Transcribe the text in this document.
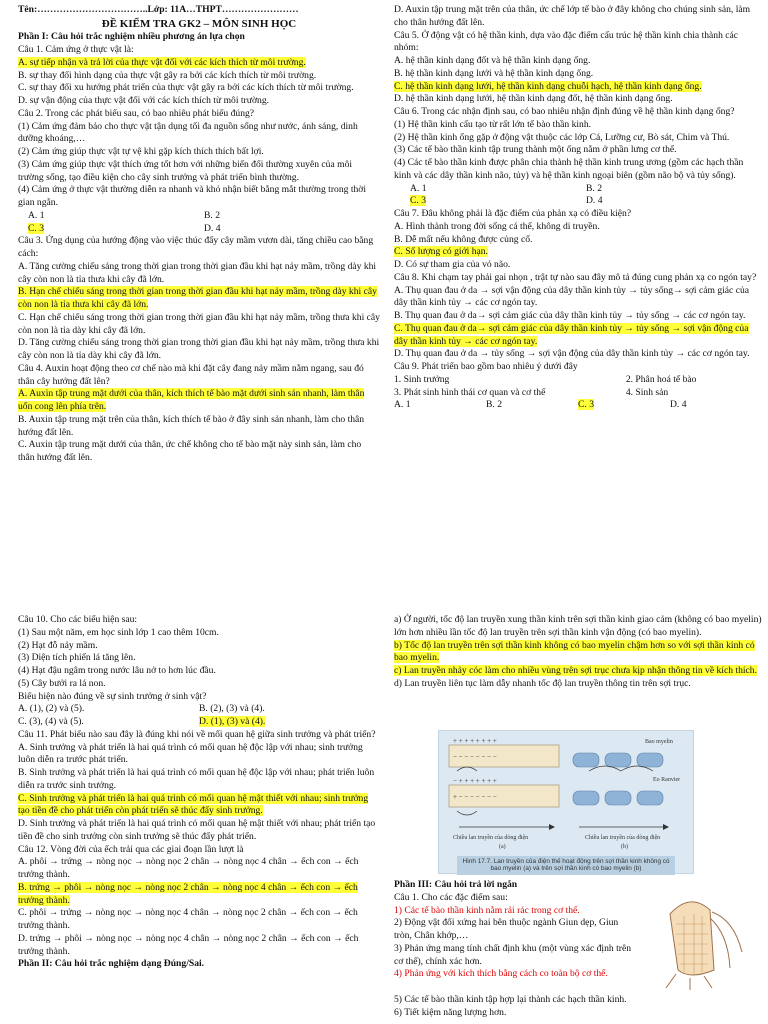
Tên:……………………………..Lớp: 11A…THPT……………………

ĐỀ KIỂM TRA GK2 – MÔN SINH HỌC

Phần I: Câu hỏi trắc nghiệm nhiều phương án lựa chọn

Câu 1. Cảm ứng ở thực vật là:

A. sự tiếp nhận và trả lời của thực vật đối với các kích thích từ môi trường.

B. sự thay đổi hình dạng của thực vật gây ra bởi các kích thích từ môi trường.

C. sự thay đổi xu hướng phát triển của thực vật gây ra bởi các kích thích từ môi trường.

D. sự vận động của thực vật đối với các kích thích từ môi trường.

Câu 2. Trong các phát biểu sau, có bao nhiêu phát biểu đúng?

(1) Cảm ứng đảm bảo cho thực vật tận dụng tối đa nguồn sống như nước, ánh sáng, dinh dưỡng khoáng,…

(2) Cảm ứng giúp thực vật tự vệ khi gặp kích thích thích bất lợi.

(3) Cảm ứng giúp thực vật thích ứng tốt hơn với những biến đổi thường xuyên của môi trường sống, tạo điều kiện cho cây sinh trưởng và phát triển bình thường.

(4) Cảm ứng ở thực vật thường diễn ra nhanh và khó nhận biết bằng mắt thường trong thời gian ngắn.

A. 1	B. 2
C. 3	D. 4

Câu 3. Ứng dụng của hướng động vào việc thúc đẩy cây mầm vươn dài, tăng chiều cao bằng cách:

A. Tăng cường chiếu sáng trong thời gian trong thời gian đầu khi hạt nảy mầm, trồng dày khi cây còn non là tỉa thưa khi cây đã lớn.

B. Hạn chế chiếu sáng trong thời gian trong thời gian đầu khi hạt nảy mầm, trồng dày khi cây còn non là tỉa thưa khi cây đã lớn.

C. Hạn chế chiếu sáng trong thời gian trong thời gian đầu khi hạt nảy mầm, trồng thưa khi cây còn non là tỉa dày khi cây đã lớn.

D. Tăng cường chiếu sáng trong thời gian trong thời gian đầu khi hạt nảy mầm, trồng thưa khi cây còn non là tỉa dày khi cây đã lớn.

Câu 4. Auxin hoạt động theo cơ chế nào mà khi đặt cây đang nảy mầm nằm ngang, sau đó thân cây hướng đất lên?

A. Auxin tập trung mặt dưới của thân, kích thích tế bào mặt dưới sinh sản nhanh, làm thân uốn cong lên phía trên.

B. Auxin tập trung mặt trên của thân, kích thích tế bào ở đây sinh sản nhanh, làm cho thân hướng đất lên.

C. Auxin tập trung mặt dưới của thân, ức chế không cho tế bào mặt này sinh sản, làm cho thân hướng đất lên.

D. Auxin tập trung mặt trên của thân, ức chế lớp tế bào ở đây không cho chúng sinh sản, làm cho thân hướng đất lên.

Câu 5. Ở động vật có hệ thần kinh, dựa vào đặc điểm cấu trúc hệ thần kinh chia thành các nhóm:

A. hệ thần kinh dạng đốt và hệ thần kinh dạng ống.

B. hệ thần kinh dạng lưới và hệ thần kinh dạng ống.

C. hệ thần kinh dạng lưới, hệ thần kinh dạng chuỗi hạch, hệ thần kinh dạng ống.

D. hệ thần kinh dạng lưới, hệ thần kinh dạng đốt, hệ thần kinh dạng ống.

Câu 6. Trong các nhận định sau, có bao nhiêu nhận định đúng về hệ thần kinh dạng ống?

(1) Hệ thần kinh cấu tạo từ rất lớn tế bào thần kinh.

(2) Hệ thần kinh ống gặp ở động vật thuộc các lớp Cá, Lưỡng cư, Bò sát, Chim và Thú.

(3) Các tế bào thần kinh tập trung thành một ống nằm ở phần lưng cơ thể.

(4) Các tế bào thần kinh được phân chia thành hệ thần kinh trung ương (gồm các hạch thần kinh và các dây thần kinh não, tủy) và hệ thần kinh ngoại biên (gồm não bộ và tủy sống).

A. 1	B. 2
C. 3	D. 4

Câu 7. Đâu không phải là đặc điểm của phản xạ có điều kiện?

A. Hình thành trong đời sống cá thể, không di truyền.

B. Dễ mất nếu không được củng cố.

C. Số lượng có giới hạn.

D. Có sự tham gia của vỏ não.

Câu 8. Khi chạm tay phải gai nhọn , trật tự nào sau đây mô tả đúng cung phản xạ co ngón tay?

A. Thụ quan đau ở da → sợi vận động của dây thần kinh tủy → tủy sống→ sợi cảm giác của dây thần kinh tủy → các cơ ngón tay.

B. Thụ quan đau ở da→ sợi cảm giác của dây thần kinh tủy → tủy sống → các cơ ngón tay.

C. Thụ quan đau ở da→ sợi cảm giác của dây thần kinh tủy → tủy sống → sợi vận động của dây thần kinh tủy → các cơ ngón tay.

D. Thụ quan đau ở da → tủy sống → sợi vận động của dây thần kinh tủy → các cơ ngón tay.

Câu 9. Phát triển bao gồm bao nhiêu ý dưới đây

1. Sinh trưởng	2. Phân hoá tế bào
3. Phát sinh hình thái cơ quan và cơ thể	4. Sinh sản
A. 1	B. 2	C. 3	D. 4

Câu 10. Cho các biểu hiện sau:

(1) Sau một năm, em học sinh lớp 1 cao thêm 10cm.

(2) Hạt đỗ nảy mầm.

(3) Diện tích phiến lá tăng lên.

(4) Hạt đậu ngâm trong nước lâu nở to hơn lúc đầu.

(5) Cây bưởi ra lá non.

Biểu hiện nào đúng về sự sinh trưởng ở sinh vật?

A. (1), (2) và (5).	B. (2), (3) và (4).
C. (3), (4) và (5).	D. (1), (3) và (4).

Câu 11. Phát biểu nào sau đây là đúng khi nói về mối quan hệ giữa sinh trưởng và phát triển?

A. Sinh trưởng và phát triển là hai quá trình có mối quan hệ độc lập với nhau; sinh trưởng luôn diễn ra trước phát triển.

B. Sinh trưởng và phát triển là hai quá trình có mối quan hệ độc lập với nhau; phát triển luôn diễn ra trước sinh trưởng.

C. Sinh trưởng và phát triển là hai quá trình có mối quan hệ mật thiết với nhau; sinh trưởng tạo tiền đề cho phát triển còn phát triển sẽ thúc đẩy sinh trưởng.

D. Sinh trưởng và phát triển là hai quá trình có mối quan hệ mật thiết với nhau; phát triển tạo tiền đề cho sinh trưởng còn sinh trưởng sẽ thúc đẩy phát triển.

Câu 12. Vòng đời của ếch trải qua các giai đoạn lần lượt là

A. phôi → trứng → nòng nọc → nòng nọc 2 chân → nòng nọc 4 chân → ếch con → ếch trưởng thành.

B. trứng → phôi → nòng nọc → nòng nọc 2 chân → nòng nọc 4 chân → ếch con → ếch trưởng thành.

C. phôi → trứng → nòng nọc → nòng nọc 4 chân → nòng nọc 2 chân → ếch con → ếch trưởng thành.

D. trứng → phôi → nòng nọc → nòng nọc 4 chân → nòng nọc 2 chân → ếch con → ếch trưởng thành.

Phần II: Câu hỏi trắc nghiệm dạng Đúng/Sai.

a) Ở người, tốc độ lan truyền xung thần kinh trên sợi thần kinh giao cảm (không có bao myelin) lớn hơn nhiều lần tốc độ lan truyền trên sợi thần kinh vận động (có bao myelin).

b) Tốc độ lan truyền trên sợi thần kinh không có bao myelin chậm hơn so với sợi thần kinh có bao myelin.

c) Lan truyền nhảy cóc làm cho nhiều vùng trên sợi trục chưa kịp nhận thông tin về kích thích.

d) Lan truyền liên tục làm dẫy nhanh tốc độ lan truyền thông tin trên sợi trục.

+ + + + + + + +
− − − − − − − −
− + + + + + + +
+ − − − − − − −
Bao myelin
Eo Ranvier
Chiều lan truyền của dòng điện	Chiều lan truyền của dòng điện
(a)	(b)
Hình 17.7. Lan truyền của điện thế hoạt động trên sợi thần kinh không có bao myelin (a) và trên sợi thần kinh có bao myelin (b)

Phần III: Câu hỏi trả lời ngắn

Câu 1. Cho các đặc điểm sau:

1) Các tế bào thần kinh nằm rải rác trong cơ thể.

2) Động vật đối xứng hai bên thuộc ngành Giun dẹp, Giun tròn, Chân khớp,…

3) Phản ứng mang tính chất định khu (một vùng xác định trên cơ thể), chính xác hơn.

4) Phản ứng với kích thích bằng cách co toàn bộ cơ thể.

5) Các tế bào thần kinh tập hợp lại thành các hạch thần kinh.

6) Tiết kiệm năng lượng hơn.
